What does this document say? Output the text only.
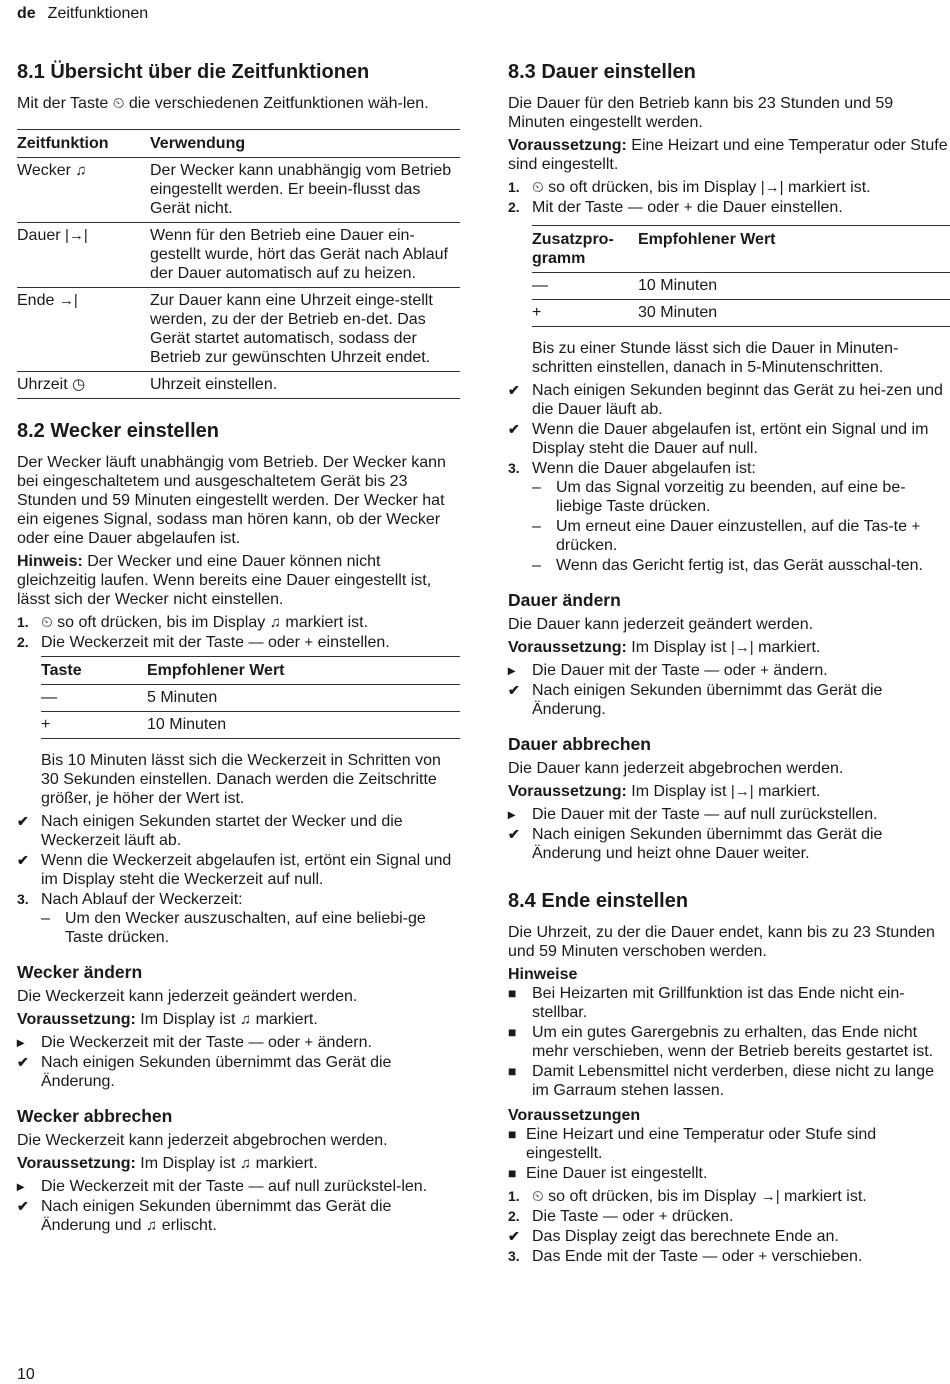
de Zeitfunktionen
8.1 Übersicht über die Zeitfunktionen

Mit der Taste ⏲ die verschiedenen Zeitfunktionen wäh-len.

Zeitfunktion	Verwendung
Wecker ♫	Der Wecker kann unabhängig vom Betrieb eingestellt werden. Er beein-flusst das Gerät nicht.
Dauer |→|	Wenn für den Betrieb eine Dauer ein-gestellt wurde, hört das Gerät nach Ablauf der Dauer automatisch auf zu heizen.
Ende →|	Zur Dauer kann eine Uhrzeit einge-stellt werden, zu der der Betrieb en-det. Das Gerät startet automatisch, sodass der Betrieb zur gewünschten Uhrzeit endet.
Uhrzeit ◷	Uhrzeit einstellen.
8.2 Wecker einstellen

Der Wecker läuft unabhängig vom Betrieb. Der Wecker kann bei eingeschaltetem und ausgeschaltetem Gerät bis 23 Stunden und 59 Minuten eingestellt werden. Der Wecker hat ein eigenes Signal, sodass man hören kann, ob der Wecker oder eine Dauer abgelaufen ist.

Hinweis: Der Wecker und eine Dauer können nicht gleichzeitig laufen. Wenn bereits eine Dauer eingestellt ist, lässt sich der Wecker nicht einstellen.

1. ⏲ so oft drücken, bis im Display ♫ markiert ist.
2. Die Weckerzeit mit der Taste — oder + einstellen.
Taste	Empfohlener Wert
—	5 Minuten
+	10 Minuten

Bis 10 Minuten lässt sich die Weckerzeit in Schritten von 30 Sekunden einstellen. Danach werden die Zeitschritte größer, je höher der Wert ist.

✔ Nach einigen Sekunden startet der Wecker und die Weckerzeit läuft ab.
✔ Wenn die Weckerzeit abgelaufen ist, ertönt ein Signal und im Display steht die Weckerzeit auf null.
3. Nach Ablauf der Weckerzeit:
– Um den Wecker auszuschalten, auf eine beliebi-ge Taste drücken.
Wecker ändern

Die Weckerzeit kann jederzeit geändert werden.

Voraussetzung: Im Display ist ♫ markiert.

▸	Die Weckerzeit mit der Taste — oder + ändern.
✔ Nach einigen Sekunden übernimmt das Gerät die Änderung.
Wecker abbrechen

Die Weckerzeit kann jederzeit abgebrochen werden.

Voraussetzung: Im Display ist ♫ markiert.

▸	Die Weckerzeit mit der Taste — auf null zurückstel-len.
✔ Nach einigen Sekunden übernimmt das Gerät die Änderung und ♫ erlischt.
8.3 Dauer einstellen

Die Dauer für den Betrieb kann bis 23 Stunden und 59 Minuten eingestellt werden.

Voraussetzung: Eine Heizart und eine Temperatur oder Stufe sind eingestellt.

1. ⏲ so oft drücken, bis im Display |→| markiert ist.
2. Mit der Taste — oder + die Dauer einstellen.
Zusatzpro-gramm	Empfohlener Wert
—	10 Minuten
+	30 Minuten

Bis zu einer Stunde lässt sich die Dauer in Minuten-schritten einstellen, danach in 5-Minutenschritten.

✔ Nach einigen Sekunden beginnt das Gerät zu hei-zen und die Dauer läuft ab.
✔ Wenn die Dauer abgelaufen ist, ertönt ein Signal und im Display steht die Dauer auf null.
3. Wenn die Dauer abgelaufen ist:
– Um das Signal vorzeitig zu beenden, auf eine be-liebige Taste drücken.
– Um erneut eine Dauer einzustellen, auf die Tas-te + drücken.
– Wenn das Gericht fertig ist, das Gerät ausschal-ten.
Dauer ändern

Die Dauer kann jederzeit geändert werden.

Voraussetzung: Im Display ist |→| markiert.

▸	Die Dauer mit der Taste — oder + ändern.
✔ Nach einigen Sekunden übernimmt das Gerät die Änderung.
Dauer abbrechen

Die Dauer kann jederzeit abgebrochen werden.

Voraussetzung: Im Display ist |→| markiert.

▸	Die Dauer mit der Taste — auf null zurückstellen.
✔ Nach einigen Sekunden übernimmt das Gerät die Änderung und heizt ohne Dauer weiter.
8.4 Ende einstellen

Die Uhrzeit, zu der die Dauer endet, kann bis zu 23 Stunden und 59 Minuten verschoben werden.

Hinweise

■ Bei Heizarten mit Grillfunktion ist das Ende nicht ein-stellbar.
■ Um ein gutes Garergebnis zu erhalten, das Ende nicht mehr verschieben, wenn der Betrieb bereits gestartet ist.
■ Damit Lebensmittel nicht verderben, diese nicht zu lange im Garraum stehen lassen.

Voraussetzungen

■ Eine Heizart und eine Temperatur oder Stufe sind eingestellt.
■ Eine Dauer ist eingestellt.
1. ⏲ so oft drücken, bis im Display →| markiert ist.
2. Die Taste — oder + drücken.
✔ Das Display zeigt das berechnete Ende an.
3. Das Ende mit der Taste — oder + verschieben.
10
